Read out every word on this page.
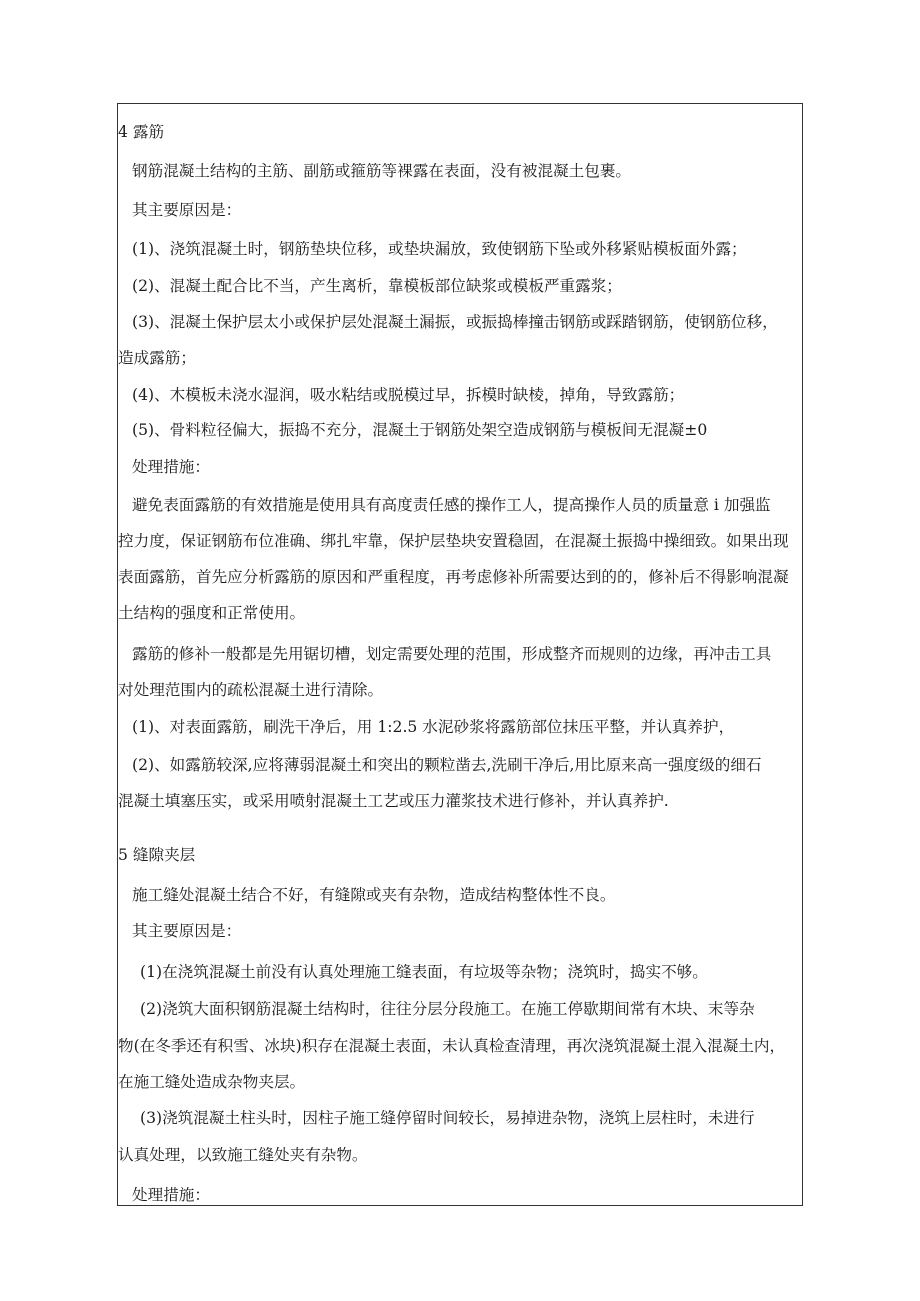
4 露筋
钢筋混凝土结构的主筋、副筋或箍筋等裸露在表面，没有被混凝土包裹。
其主要原因是：
(1)、浇筑混凝土时，钢筋垫块位移，或垫块漏放，致使钢筋下坠或外移紧贴模板面外露；
(2)、混凝土配合比不当，产生离析，靠模板部位缺浆或模板严重露浆；
(3)、混凝土保护层太小或保护层处混凝土漏振，或振捣棒撞击钢筋或踩踏钢筋，使钢筋位移，
造成露筋；
(4)、木模板未浇水湿润，吸水粘结或脱模过早，拆模时缺棱，掉角，导致露筋；
(5)、骨料粒径偏大，振捣不充分，混凝土于钢筋处架空造成钢筋与模板间无混凝±0
处理措施：
避免表面露筋的有效措施是使用具有高度责任感的操作工人，提高操作人员的质量意 i 加强监
控力度，保证钢筋布位准确、绑扎牢靠，保护层垫块安置稳固，在混凝土振捣中操细致。如果出现
表面露筋，首先应分析露筋的原因和严重程度，再考虑修补所需要达到的的，修补后不得影响混凝
土结构的强度和正常使用。
露筋的修补一般都是先用锯切槽，划定需要处理的范围，形成整齐而规则的边缘，再冲击工具
对处理范围内的疏松混凝土进行清除。
(1)、对表面露筋，刷洗干净后，用 1:2.5 水泥砂浆将露筋部位抹压平整，并认真养护，
(2)、如露筋较深,应将薄弱混凝土和突出的颗粒凿去,洗刷干净后,用比原来高一强度级的细石
混凝土填塞压实，或采用喷射混凝土工艺或压力灌浆技术进行修补，并认真养护.
5 缝隙夹层
施工缝处混凝土结合不好，有缝隙或夹有杂物，造成结构整体性不良。
其主要原因是：
(1)在浇筑混凝土前没有认真处理施工缝表面，有垃圾等杂物；浇筑时，捣实不够。
(2)浇筑大面积钢筋混凝土结构时，往往分层分段施工。在施工停歇期间常有木块、末等杂
物(在冬季还有积雪、冰块)积存在混凝土表面，未认真检查清理，再次浇筑混凝土混入混凝土内，
在施工缝处造成杂物夹层。
(3)浇筑混凝土柱头时，因柱子施工缝停留时间较长，易掉进杂物，浇筑上层柱时，未进行
认真处理，以致施工缝处夹有杂物。
处理措施：
